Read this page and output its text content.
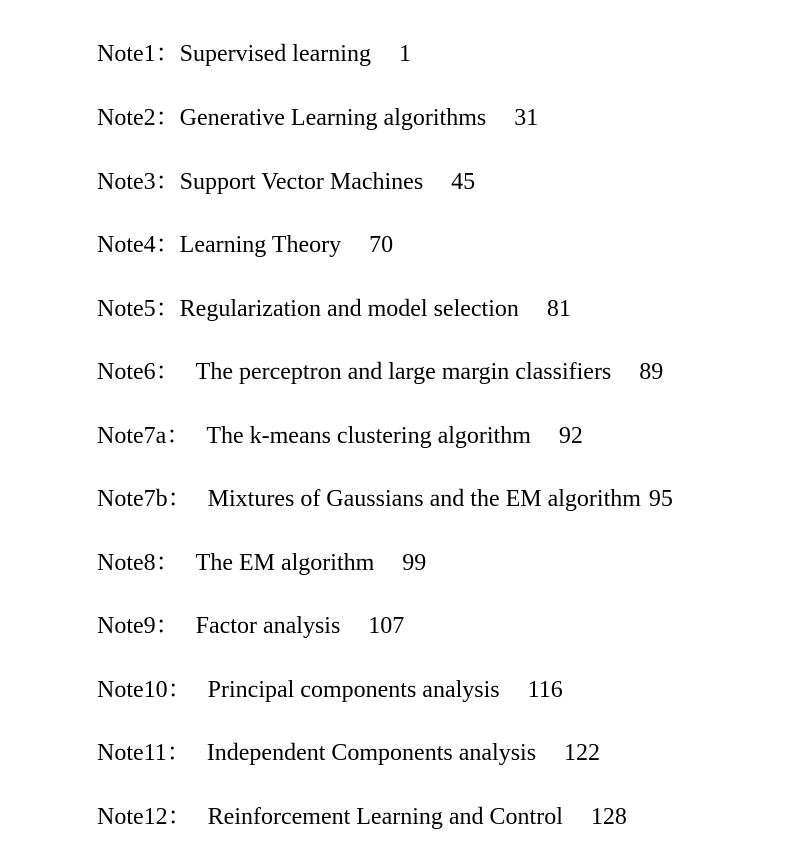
Note1 ： Supervised learning 1
Note2 ： Generative Learning algorithms 31
Note3 ： Support Vector Machines 45
Note4 ： Learning Theory 70
Note5 ： Regularization and model selection 81
Note6 ： The perceptron and large margin classifiers 89
Note7a ： The k-means clustering algorithm 92
Note7b ： Mixtures of Gaussians and the EM algorithm 95
Note8 ： The EM algorithm 99
Note9 ： Factor analysis 107
Note10 ： Principal components analysis 116
Note11 ： Independent Components analysis 122
Note12 ： Reinforcement Learning and Control 128
